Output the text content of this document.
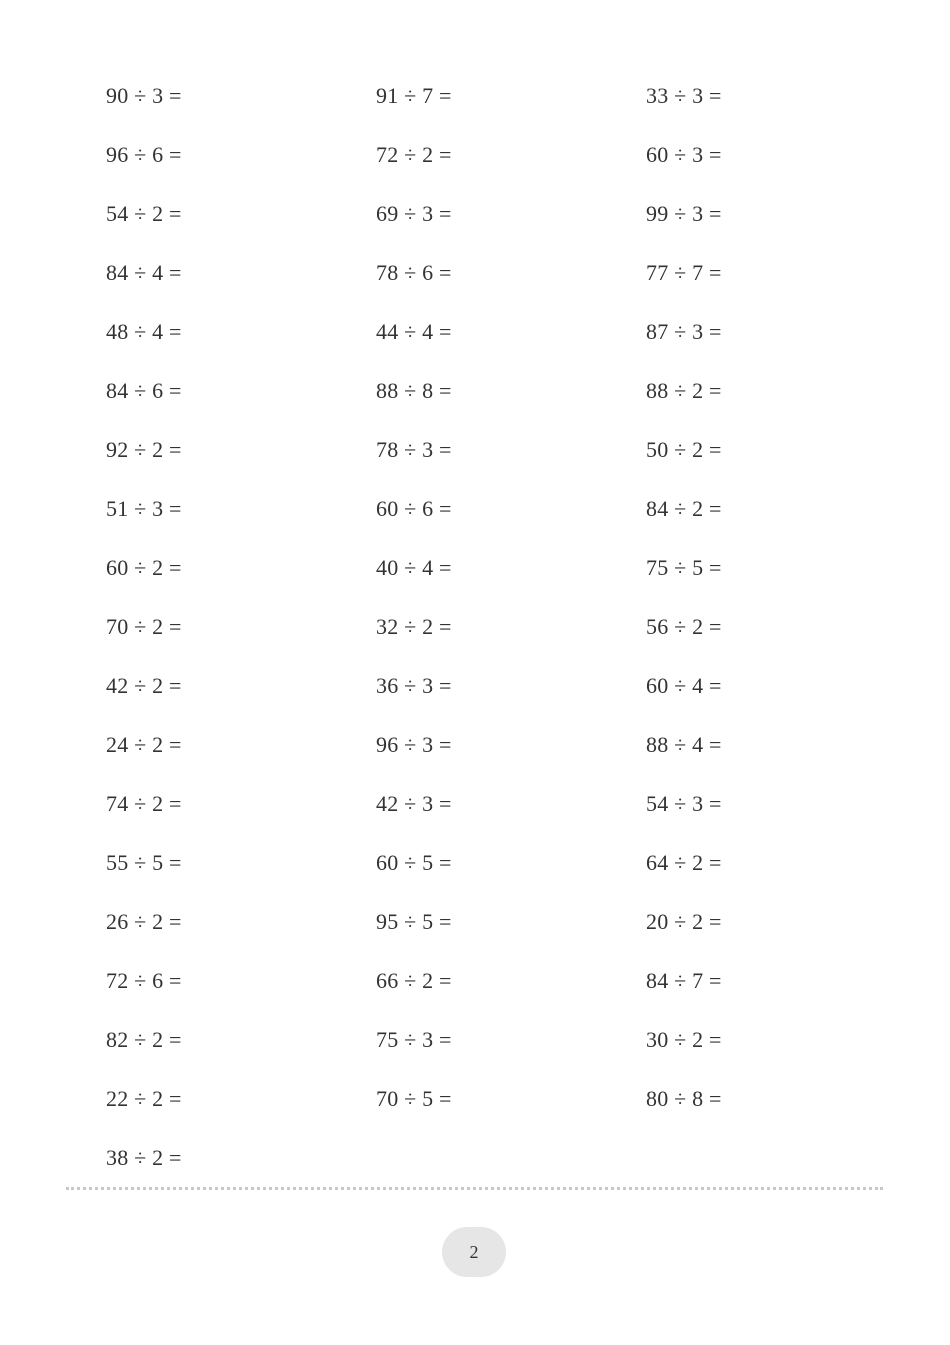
90 ÷ 3 =	91 ÷ 7 =	33 ÷ 3 =
96 ÷ 6 =	72 ÷ 2 =	60 ÷ 3 =
54 ÷ 2 =	69 ÷ 3 =	99 ÷ 3 =
84 ÷ 4 =	78 ÷ 6 =	77 ÷ 7 =
48 ÷ 4 =	44 ÷ 4 =	87 ÷ 3 =
84 ÷ 6 =	88 ÷ 8 =	88 ÷ 2 =
92 ÷ 2 =	78 ÷ 3 =	50 ÷ 2 =
51 ÷ 3 =	60 ÷ 6 =	84 ÷ 2 =
60 ÷ 2 =	40 ÷ 4 =	75 ÷ 5 =
70 ÷ 2 =	32 ÷ 2 =	56 ÷ 2 =
42 ÷ 2 =	36 ÷ 3 =	60 ÷ 4 =
24 ÷ 2 =	96 ÷ 3 =	88 ÷ 4 =
74 ÷ 2 =	42 ÷ 3 =	54 ÷ 3 =
55 ÷ 5 =	60 ÷ 5 =	64 ÷ 2 =
26 ÷ 2 =	95 ÷ 5 =	20 ÷ 2 =
72 ÷ 6 =	66 ÷ 2 =	84 ÷ 7 =
82 ÷ 2 =	75 ÷ 3 =	30 ÷ 2 =
22 ÷ 2 =	70 ÷ 5 =	80 ÷ 8 =
38 ÷ 2 =
2
